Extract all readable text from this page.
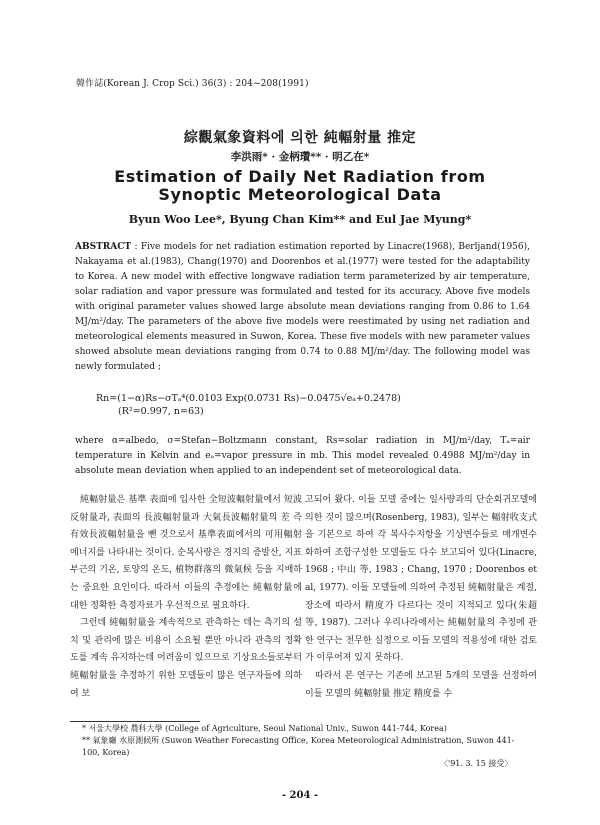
韓作誌(Korean J. Crop Sci.) 36(3) : 204~208(1991)
綜觀氣象資料에 의한 純輻射量 推定
李洪雨* · 金柄瓚** · 明乙在*
Estimation of Daily Net Radiation from
Synoptic Meteorological Data
Byun Woo Lee*, Byung Chan Kim** and Eul Jae Myung*
ABSTRACT : Five models for net radiation estimation reported by Linacre(1968), Berljand(1956), Nakayama et al.(1983), Chang(1970) and Doorenbos et al.(1977) were tested for the adaptability to Korea. A new model with effective longwave radiation term parameterized by air temperature, solar radiation and vapor pressure was formulated and tested for its accuracy. Above five models with original parameter values showed large absolute mean deviations ranging from 0.86 to 1.64 MJ/m²/day. The parameters of the above five models were reestimated by using net radiation and meteorological elements measured in Suwon, Korea. These five models with new parameter values showed absolute mean deviations ranging from 0.74 to 0.88 MJ/m²/day. The following model was newly formulated ;
Rn=(1−α)Rs−σTₐ⁴(0.0103 Exp(0.0731 Rs)−0.0475√eₐ+0.2478)
(R²=0.997, n=63)
where α=albedo, σ=Stefan−Boltzmann constant, Rs=solar radiation in MJ/m²/day, Tₐ=air temperature in Kelvin and eₐ=vapor pressure in mb. This model revealed 0.4988 MJ/m²/day in absolute mean deviation when applied to an independent set of meteorological data.

純輻射量은 基準 表面에 입사한 全短波輻射量에서 短波反射量과, 表面의 長波輻射量과 大氣長波輻射量의 差 즉 有效長波輻射量을 뺀 것으로서 基準表面에서의 可用輻射에너지를 나타내는 것이다. 순복사량은 경지의 증발산, 지표부근의 기온, 토양의 온도, 植物群落의 微氣候 등을 지배하는 중요한 요인이다. 따라서 이들의 추정에는 純輻射量에 대한 정확한 측정자료가 우선적으로 필요하다.

그런데 純輻射量을 계속적으로 관측하는 데는 측기의 설치 및 관리에 많은 비용이 소요될 뿐만 아니라 관측의 정확도를 계속 유지하는데 어려움이 있으므로 기상요소들로부터 純輻射量을 추정하기 위한 모델들이 많은 연구자들에 의하여 보

고되어 왔다. 이들 모델 중에는 일사량과의 단순회귀모델에 의한 것이 많으며(Rosenberg, 1983), 일부는 輻射收支式을 기본으로 하여 각 복사수지항을 기상변수들로 매개변수화하여 조합구성한 모델들도 다수 보고되어 있다(Linacre, 1968 ; 中山 等, 1983 ; Chang, 1970 ; Doorenbos et al, 1977). 이들 모델들에 의하여 추정된 純輻射量은 계절, 장소에 따라서 精度가 다르다는 것이 지적되고 있다(朱超 等, 1987). 그러나 우리나라에서는 純輻射量의 추정에 관한 연구는 전무한 실정으로 이들 모델의 적용성에 대한 검토가 이루어져 있지 못하다.

따라서 본 연구는 기존에 보고된 5개의 모델을 선정하여 이들 모델의 純輻射量 推定 精度를 수

* 서울大學校 農科大學 (College of Agriculture, Seoul National Univ., Suwon 441-744, Korea)
** 氣象廳 水原測候所 (Suwon Weather Forecasting Office, Korea Meteorological Administration, Suwon 441-100, Korea)
〈'91. 3. 15 接受〉
- 204 -
